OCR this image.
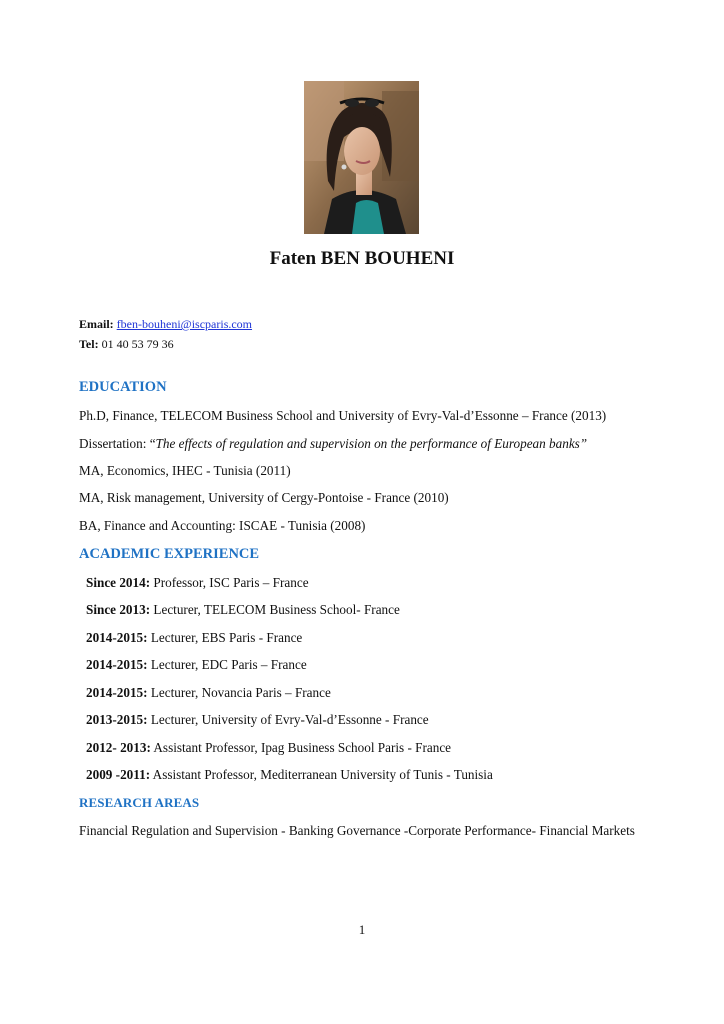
Faten BEN BOUHENI
Email: fben-bouheni@iscparis.com
Tel: 01 40 53 79 36
EDUCATION
Ph.D, Finance, TELECOM Business School and University of Evry-Val-d’Essonne – France (2013)
Dissertation: “The effects of regulation and supervision on the performance of European banks”
MA, Economics, IHEC - Tunisia (2011)
MA, Risk management, University of Cergy-Pontoise - France (2010)
BA, Finance and Accounting: ISCAE - Tunisia (2008)
ACADEMIC EXPERIENCE
Since 2014: Professor, ISC Paris – France
Since 2013: Lecturer, TELECOM Business School- France
2014-2015: Lecturer, EBS Paris - France
2014-2015: Lecturer, EDC Paris – France
2014-2015: Lecturer, Novancia Paris – France
2013-2015: Lecturer, University of Evry-Val-d’Essonne - France
2012- 2013: Assistant Professor, Ipag Business School Paris - France
2009 -2011: Assistant Professor, Mediterranean University of Tunis - Tunisia
RESEARCH AREAS
Financial Regulation and Supervision - Banking Governance -Corporate Performance- Financial Markets
1
